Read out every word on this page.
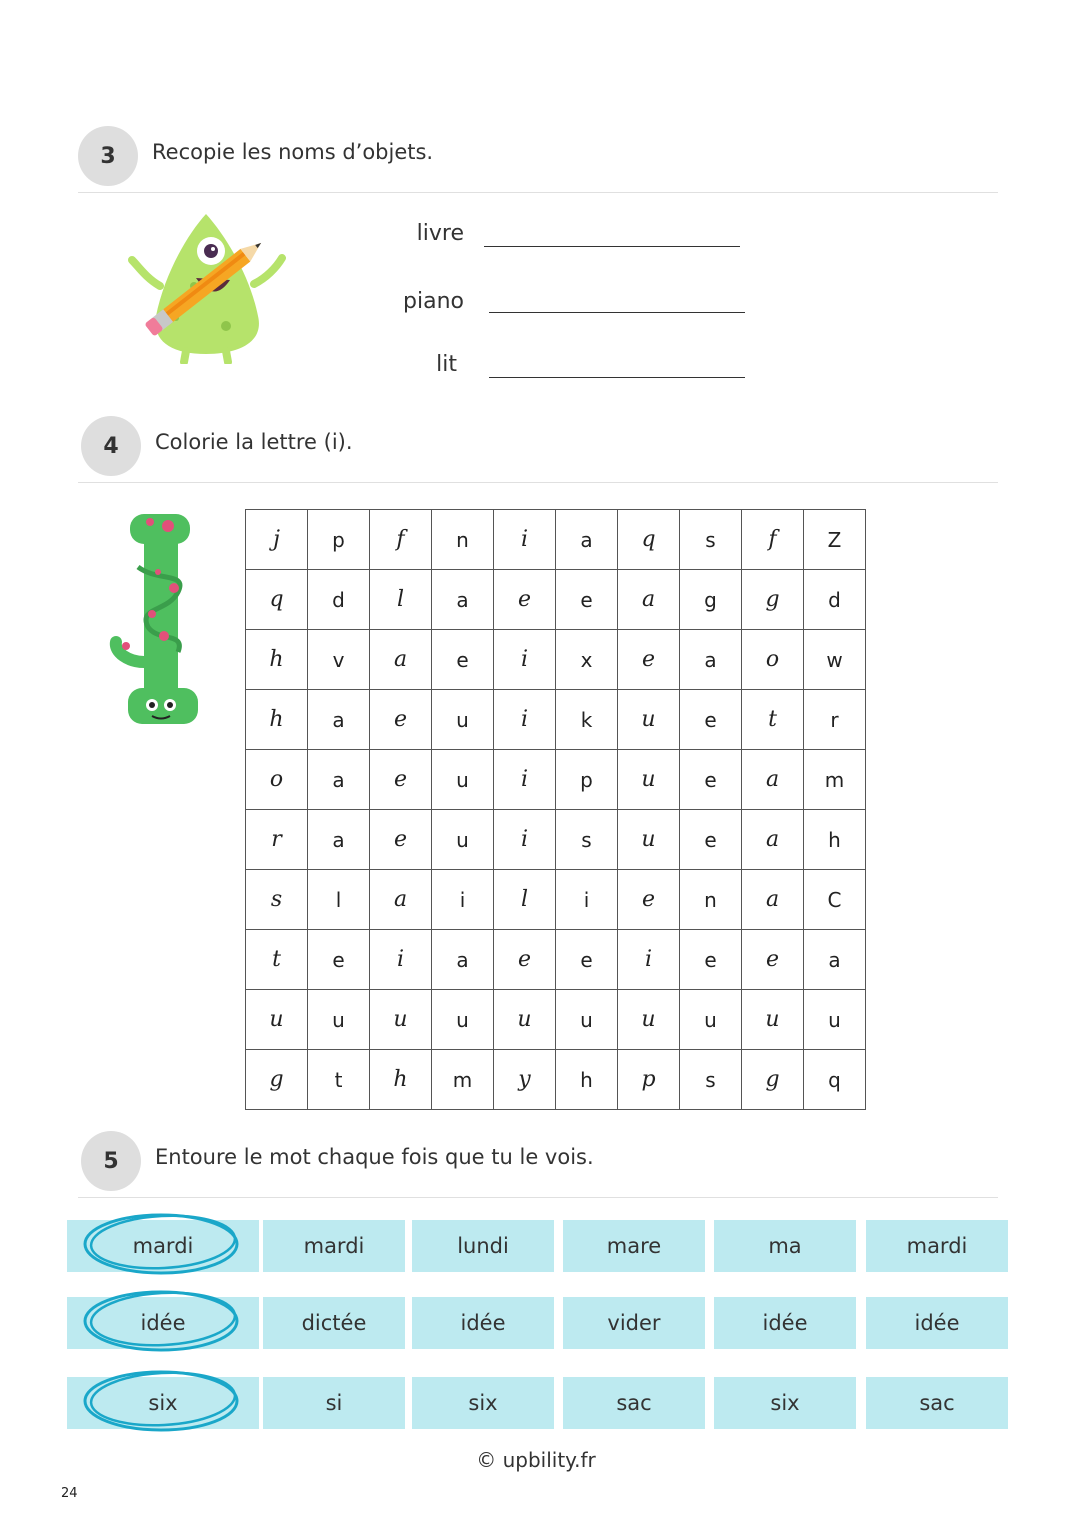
3	Recopie les noms d’objets.
livre
piano
lit
4	Colorie la lettre (i).
j	p	f	n	i	a	q	s	f	Z
q	d	l	a	e	e	a	g	g	d
h	v	a	e	i	x	e	a	o	w
h	a	e	u	i	k	u	e	t	r
o	a	e	u	i	p	u	e	a	m
r	a	e	u	i	s	u	e	a	h
s	l	a	i	l	i	e	n	a	C
t	e	i	a	e	e	i	e	e	a
u	u	u	u	u	u	u	u	u	u
g	t	h	m	y	h	p	s	g	q
5	Entoure le mot chaque fois que tu le vois.
mardi	mardi	lundi	mare	ma	mardi
idée	dictée	idée	vider	idée	idée
six	si	six	sac	six	sac
© upbility.fr
24
